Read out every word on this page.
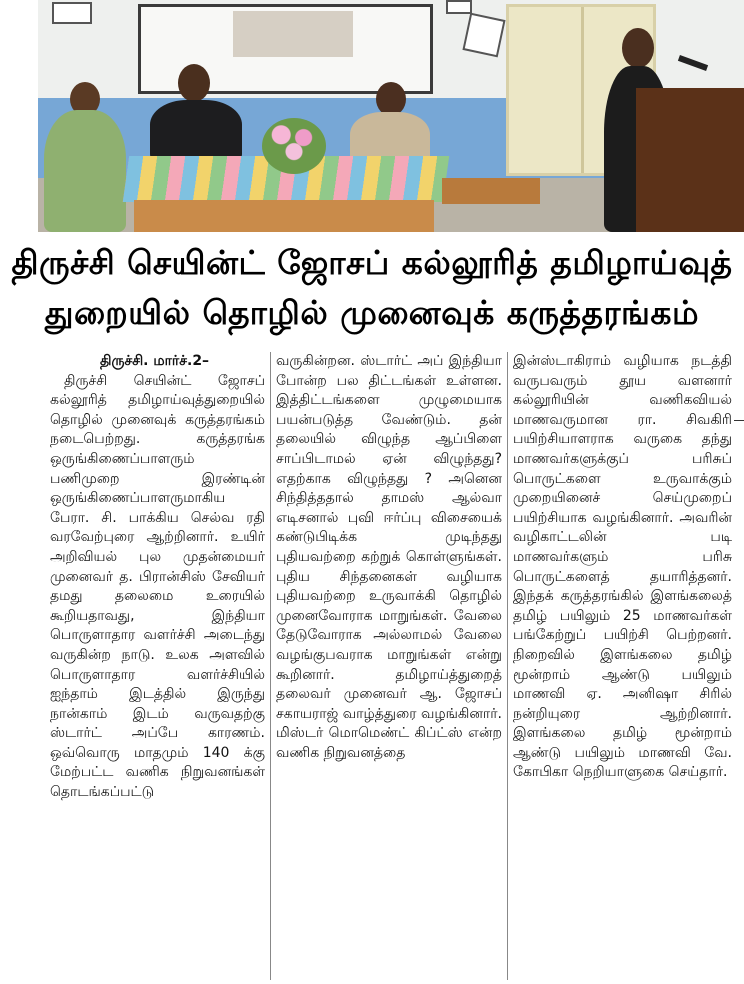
திருச்சி செயின்ட் ஜோசப் கல்லூரித் தமிழாய்வுத்
துறையில் தொழில் முனைவுக் கருத்தரங்கம்
திருச்சி. மார்ச்.2–

திருச்சி செயின்ட் ஜோசப் கல்லூரித் தமிழாய்வுத்துறையில் தொழில் முனைவுக் கருத்தரங்கம் நடைபெற்றது. கருத்தரங்க ஒருங்கிணைப்பாளரும் பணிமுறை இரண்டின் ஒருங்கிணைப்பாளருமாகிய பேரா. சி. பாக்கிய செல்வ ரதி வரவேற்புரை ஆற்றினார். உயிர் அறிவியல் புல முதன்மையர் முனைவர் த. பிரான்சிஸ் சேவியர் தமது தலைமை உரையில் கூறியதாவது, இந்தியா பொருளாதார வளர்ச்சி அடைந்து வருகின்ற நாடு. உலக அளவில் பொருளாதார வளர்ச்சியில் ஐந்தாம் இடத்தில் இருந்து நான்காம் இடம் வருவதற்கு ஸ்டார்ட் அப்பே காரணம். ஒவ்வொரு மாதமும் 140 க்கு மேற்பட்ட வணிக நிறுவனங்கள் தொடங்கப்பட்டு

வருகின்றன. ஸ்டார்ட் அப் இந்தியா போன்ற பல திட்டங்கள் உள்ளன. இத்திட்டங்களை முழுமையாக பயன்படுத்த வேண்டும். தன் தலையில் விழுந்த ஆப்பிளை சாப்பிடாமல் ஏன் விழுந்தது? எதற்காக விழுந்தது ? அனென சிந்தித்ததால் தாமஸ் ஆல்வா எடிசனால் புவி ஈர்ப்பு விசையைக் கண்டுபிடிக்க முடிந்தது புதியவற்றை கற்றுக் கொள்ளுங்கள். புதிய சிந்தனைகள் வழியாக புதியவற்றை உருவாக்கி தொழில் முனைவோராக மாறுங்கள். வேலை தேடுவோராக அல்லாமல் வேலை வழங்குபவராக மாறுங்கள் என்று கூறினார். தமிழாய்த்துறைத் தலைவர் முனைவர் ஆ. ஜோசப் சகாயராஜ் வாழ்த்துரை வழங்கினார். மிஸ்டர் மொமெண்ட் கிப்ட்ஸ் என்ற வணிக நிறுவனத்தை

இன்ஸ்டாகிராம் வழியாக நடத்தி வருபவரும் தூய வளனார் கல்லூரியின் வணிகவியல் மாணவருமான ரா. சிவகிரி பயிற்சியாளராக வருகை தந்து மாணவர்களுக்குப் பரிசுப் பொருட்களை உருவாக்கும் முறையினைச் செய்முறைப் பயிற்சியாக வழங்கினார். அவரின் வழிகாட்டலின் படி மாணவர்களும் பரிசு பொருட்களைத் தயாரித்தனர். இந்தக் கருத்தரங்கில் இளங்கலைத் தமிழ் பயிலும் 25 மாணவர்கள் பங்கேற்றுப் பயிற்சி பெற்றனர். நிறைவில் இளங்கலை தமிழ் மூன்றாம் ஆண்டு பயிலும் மாணவி ஏ. அனிஷா சிரில் நன்றியுரை ஆற்றினார். இளங்கலை தமிழ் மூன்றாம் ஆண்டு பயிலும் மாணவி வே. கோபிகா நெறியாளுகை செய்தார்.
